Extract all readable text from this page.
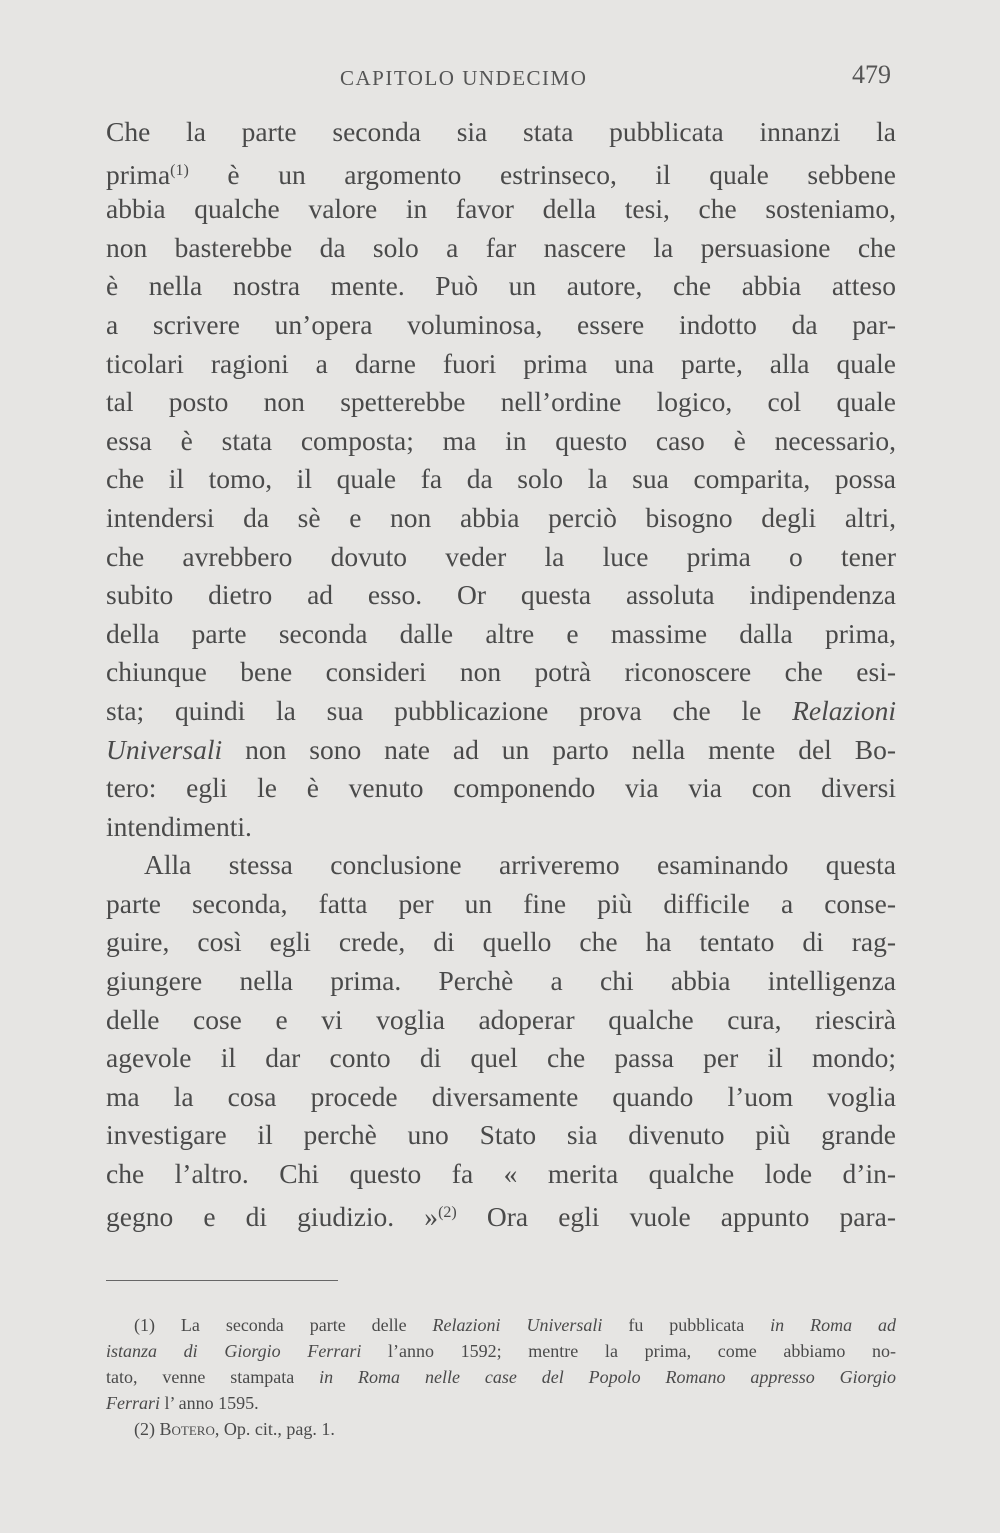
CAPITOLO UNDECIMO	479
Che la parte seconda sia stata pubblicata innanzi la
prima$^{(1)}$ è un argomento estrinseco, il quale sebbene
abbia qualche valore in favor della tesi, che sosteniamo,
non basterebbe da solo a far nascere la persuasione che
è nella nostra mente. Può un autore, che abbia atteso
a scrivere un’opera voluminosa, essere indotto da par-
ticolari ragioni a darne fuori prima una parte, alla quale
tal posto non spetterebbe nell’ordine logico, col quale
essa è stata composta; ma in questo caso è necessario,
che il tomo, il quale fa da solo la sua comparita, possa
intendersi da sè e non abbia perciò bisogno degli altri,
che avrebbero dovuto veder la luce prima o tener
subito dietro ad esso. Or questa assoluta indipendenza
della parte seconda dalle altre e massime dalla prima,
chiunque bene consideri non potrà riconoscere che esi-
sta; quindi la sua pubblicazione prova che le Relazioni
Universali non sono nate ad un parto nella mente del Bo-
tero: egli le è venuto componendo via via con diversi
intendimenti.
Alla stessa conclusione arriveremo esaminando questa
parte seconda, fatta per un fine più difficile a conse-
guire, così egli crede, di quello che ha tentato di rag-
giungere nella prima. Perchè a chi abbia intelligenza
delle cose e vi voglia adoperar qualche cura, riescirà
agevole il dar conto di quel che passa per il mondo;
ma la cosa procede diversamente quando l’uom voglia
investigare il perchè uno Stato sia divenuto più grande
che l’altro. Chi questo fa « merita qualche lode d’in-
gegno e di giudizio. »$^{(2)}$ Ora egli vuole appunto para-
(1) La seconda parte delle Relazioni Universali fu pubblicata in Roma ad
istanza di Giorgio Ferrari l’anno 1592; mentre la prima, come abbiamo no-
tato, venne stampata in Roma nelle case del Popolo Romano appresso Giorgio
Ferrari l’ anno 1595.
(2) Botero, Op. cit., pag. 1.
